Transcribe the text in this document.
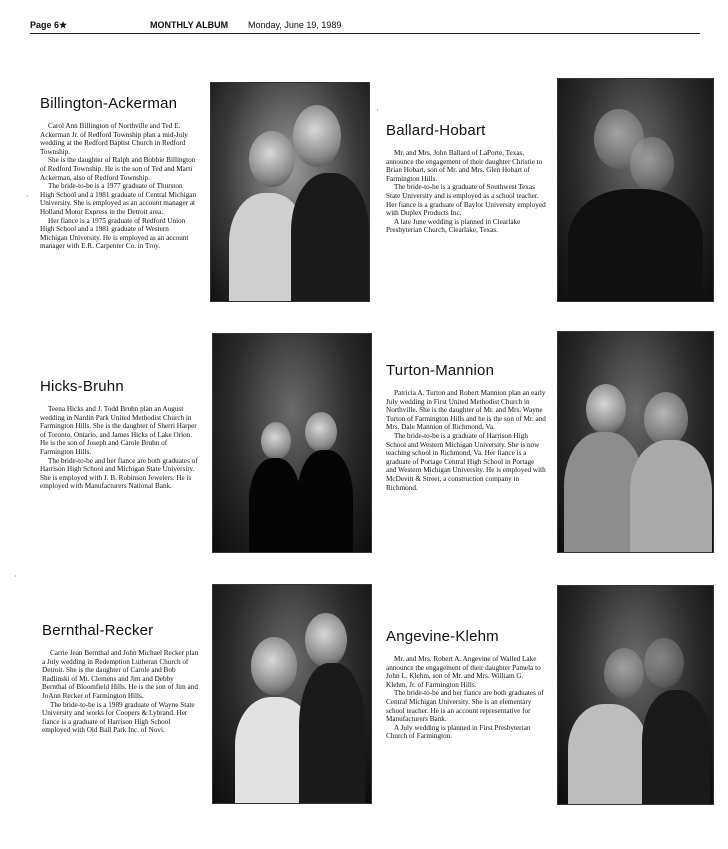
Page 6★	MONTHLY ALBUM Monday, June 19, 1989
Billington-Ackerman

Carol Ann Billington of Northville and Ted E. Ackerman Jr. of Redford Township plan a mid-July wedding at the Redford Baptist Church in Redford Township.

She is the daughter of Ralph and Bobbie Billington of Redford Township. He is the son of Ted and Marti Ackerman, also of Redford Township.

The bride-to-be is a 1977 graduate of Thurston High School and a 1981 graduate of Central Michigan University. She is employed as an account manager at Holland Motor Express in the Detroit area.

Her fiance is a 1975 graduate of Redford Union High School and a 1981 graduate of Western Michigan University. He is employed as an account manager with E.R. Carpenter Co. in Troy.

Ballard-Hobart

Mr. and Mrs. John Ballard of LaPorte, Texas, announce the engagement of their daughter Christie to Brian Hobart, son of Mr. and Mrs. Glen Hobart of Farmington Hills.

The bride-to-be is a graduate of Southwest Texas State University and is employed as a school teacher. Her fiance is a graduate of Baylor University employed with Duplex Products Inc.

A late June wedding is planned in Clearlake Presbyterian Church, Clearlake, Texas.

Hicks-Bruhn

Teena Hicks and J. Todd Bruhn plan an August wedding in Nardin Park United Methodist Church in Farmington Hills. She is the daughter of Sherri Harper of Toronto, Ontario, and James Hicks of Lake Orion. He is the son of Joseph and Carole Bruhn of Farmington Hills.

The bride-to-be and her fiance are both graduates of Harrison High School and Michigan State University. She is employed with J. B. Robinson Jewelers. He is employed with Manufacturers National Bank.

Turton-Mannion

Patricia A. Turton and Robert Mannion plan an early July wedding in First United Methodist Church in Northville. She is the daughter of Mr. and Mrs. Wayne Turton of Farmington Hills and he is the son of Mr. and Mrs. Dale Mannion of Richmond, Va.

The bride-to-be is a graduate of Harrison High School and Western Michigan University. She is now teaching school in Richmond, Va. Her fiance is a graduate of Portage Central High School in Portage and Western Michigan University. He is employed with McDevitt & Street, a construction company in Richmond.

Bernthal-Recker

Carrie Jean Bernthal and John Michael Recker plan a July wedding in Redemption Lutheran Church of Detroit. She is the daughter of Carole and Bob Radlinski of Mt. Clemens and Jim and Debby Bernthal of Bloomfield Hills. He is the son of Jim and JoAnn Recker of Farmington Hills.

The bride-to-be is a 1989 graduate of Wayne State University and works for Coopers & Lybrand. Her fiance is a graduate of Harrison High School employed with Old Ball Park Inc. of Novi.

Angevine-Klehm

Mr. and Mrs. Robert A. Angevine of Walled Lake announce the engagement of their daughter Pamela to John L. Klehm, son of Mr. and Mrs. William G. Klehm, Jr. of Farmington Hills.

The bride-to-be and her fiance are both graduates of Central Michigan University. She is an elementary school teacher. He is an account representative for Manufacturers Bank.

A July wedding is planned in First Presbyterian Church of Farmington.

·
·
·
